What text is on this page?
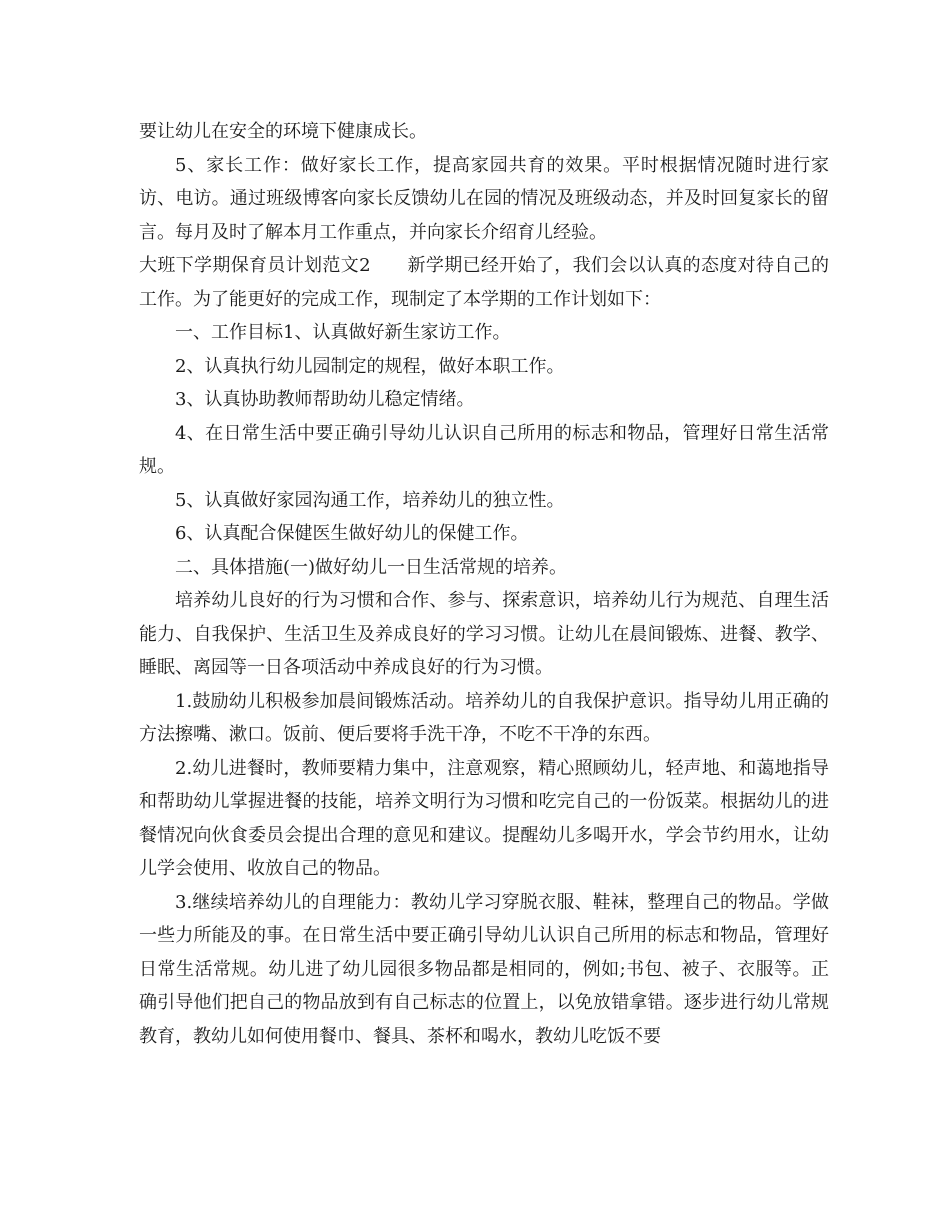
要让幼儿在安全的环境下健康成长。

5、家长工作：做好家长工作，提高家园共育的效果。平时根据情况随时进行家访、电访。通过班级博客向家长反馈幼儿在园的情况及班级动态，并及时回复家长的留言。每月及时了解本月工作重点，并向家长介绍育儿经验。

大班下学期保育员计划范文2　　新学期已经开始了，我们会以认真的态度对待自己的工作。为了能更好的完成工作，现制定了本学期的工作计划如下：

一、工作目标1、认真做好新生家访工作。

2、认真执行幼儿园制定的规程，做好本职工作。

3、认真协助教师帮助幼儿稳定情绪。

4、在日常生活中要正确引导幼儿认识自己所用的标志和物品，管理好日常生活常规。

5、认真做好家园沟通工作，培养幼儿的独立性。

6、认真配合保健医生做好幼儿的保健工作。

二、具体措施(一)做好幼儿一日生活常规的培养。

培养幼儿良好的行为习惯和合作、参与、探索意识，培养幼儿行为规范、自理生活能力、自我保护、生活卫生及养成良好的学习习惯。让幼儿在晨间锻炼、进餐、教学、睡眠、离园等一日各项活动中养成良好的行为习惯。

1.鼓励幼儿积极参加晨间锻炼活动。培养幼儿的自我保护意识。指导幼儿用正确的方法擦嘴、漱口。饭前、便后要将手洗干净，不吃不干净的东西。

2.幼儿进餐时，教师要精力集中，注意观察，精心照顾幼儿，轻声地、和蔼地指导和帮助幼儿掌握进餐的技能，培养文明行为习惯和吃完自己的一份饭菜。根据幼儿的进餐情况向伙食委员会提出合理的意见和建议。提醒幼儿多喝开水，学会节约用水，让幼儿学会使用、收放自己的物品。

3.继续培养幼儿的自理能力：教幼儿学习穿脱衣服、鞋袜，整理自己的物品。学做一些力所能及的事。在日常生活中要正确引导幼儿认识自己所用的标志和物品，管理好日常生活常规。幼儿进了幼儿园很多物品都是相同的，例如;书包、被子、衣服等。正确引导他们把自己的物品放到有自己标志的位置上，以免放错拿错。逐步进行幼儿常规教育，教幼儿如何使用餐巾、餐具、茶杯和喝水，教幼儿吃饭不要
